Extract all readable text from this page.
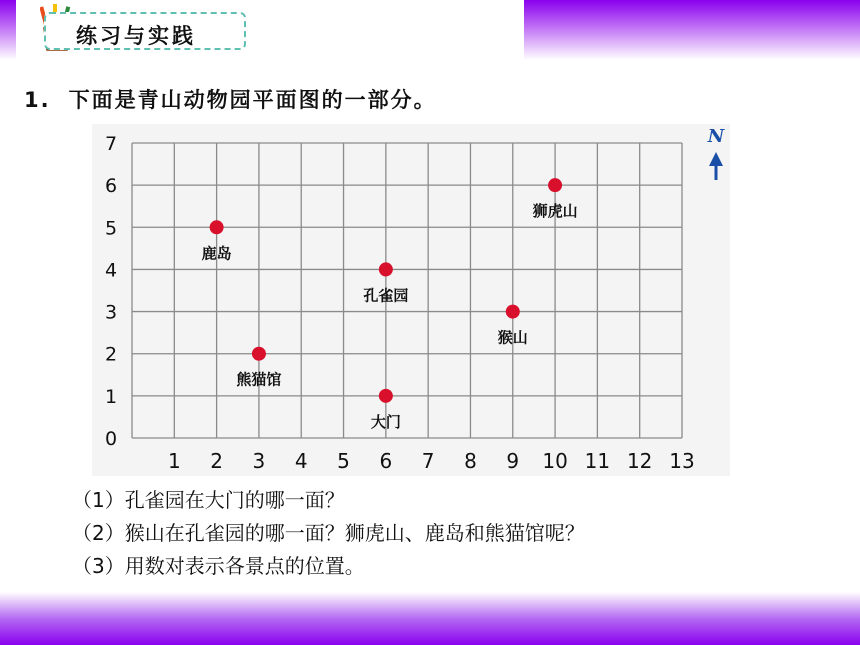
练习与实践
1. 下面是青山动物园平面图的一部分。
1 2 3 4 5 6 7 8 9 10 11 12 13
0
1
2
3
4
5
6
7
鹿岛
熊猫馆
孔雀园
大门
猴山
狮虎山
N
（1）孔雀园在大门的哪一面？
（2）猴山在孔雀园的哪一面？狮虎山、鹿岛和熊猫馆呢？
（3）用数对表示各景点的位置。
